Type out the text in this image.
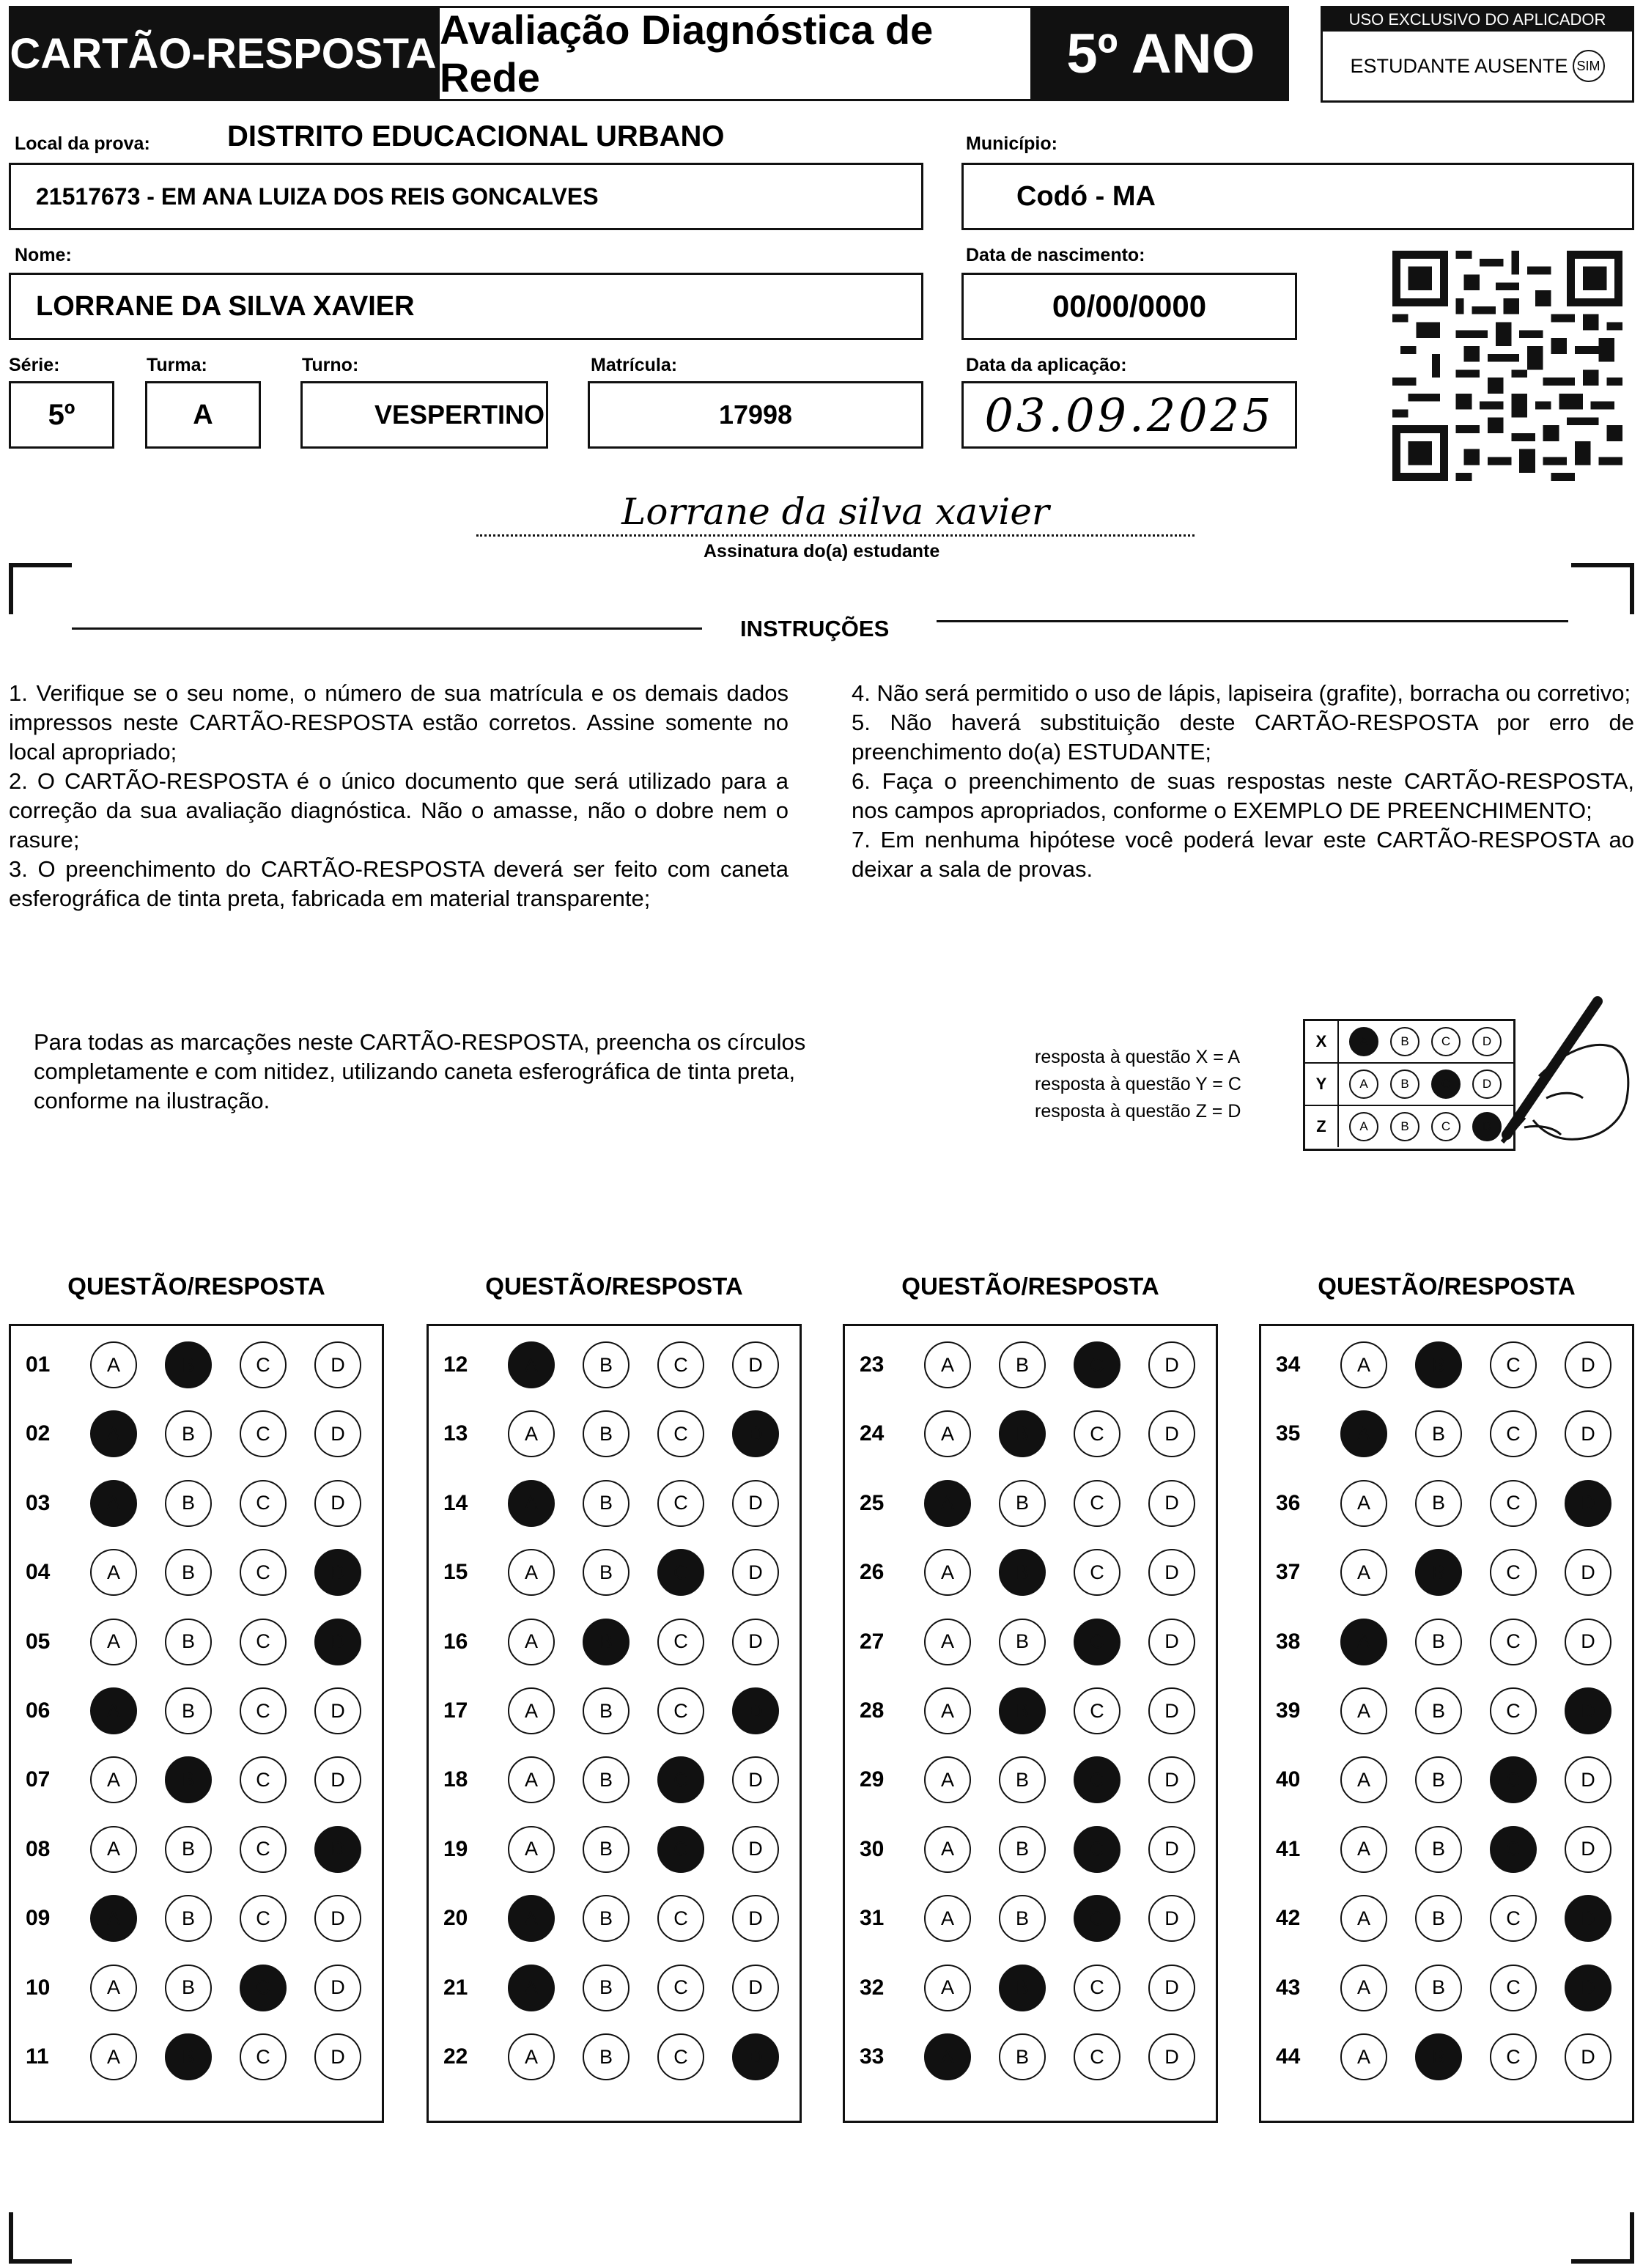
CARTÃO-RESPOSTA Avaliação Diagnóstica de Rede	5º ANO
USO EXCLUSIVO DO APLICADOR
ESTUDANTE AUSENTE SIM
Local da prova:	DISTRITO EDUCACIONAL URBANO
21517673 - EM ANA LUIZA DOS REIS GONCALVES
Município:
Codó - MA
Nome:
LORRANE DA SILVA XAVIER
Data de nascimento:
00/00/0000
Série:
5º
Turma:
A
Turno:
VESPERTINO
Matrícula:
17998
Data da aplicação:
03.09.2025
Lorrane da silva xavier
Assinatura do(a) estudante
INSTRUÇÕES
1. Verifique se o seu nome, o número de sua matrícula e os demais dados impressos neste CARTÃO-RESPOSTA estão corretos. Assine somente no local apropriado;
2. O CARTÃO-RESPOSTA é o único documento que será utilizado para a correção da sua avaliação diagnóstica. Não o amasse, não o dobre nem o rasure;
3. O preenchimento do CARTÃO-RESPOSTA deverá ser feito com caneta esferográfica de tinta preta, fabricada em material transparente;
4. Não será permitido o uso de lápis, lapiseira (grafite), borracha ou corretivo;
5. Não haverá substituição deste CARTÃO-RESPOSTA por erro de preenchimento do(a) ESTUDANTE;
6. Faça o preenchimento de suas respostas neste CARTÃO-RESPOSTA, nos campos apropriados, conforme o EXEMPLO DE PREENCHIMENTO;
7. Em nenhuma hipótese você poderá levar este CARTÃO-RESPOSTA ao deixar a sala de provas.
Para todas as marcações neste CARTÃO-RESPOSTA, preencha os círculos completamente e com nitidez, utilizando caneta esferográfica de tinta preta, conforme na ilustração.
resposta à questão X = A
resposta à questão Y = C
resposta à questão Z = D
X	A	B	C	D
Y	A	B	C	D
Z	A	B	C	D
QUESTÃO/RESPOSTA
01	A	B	C	D
02	A	B	C	D
03	A	B	C	D
04	A	B	C	D
05	A	B	C	D
06	A	B	C	D
07	A	B	C	D
08	A	B	C	D
09	A	B	C	D
10	A	B	C	D
11	A	B	C	D
QUESTÃO/RESPOSTA
12	A	B	C	D
13	A	B	C	D
14	A	B	C	D
15	A	B	C	D
16	A	B	C	D
17	A	B	C	D
18	A	B	C	D
19	A	B	C	D
20	A	B	C	D
21	A	B	C	D
22	A	B	C	D
QUESTÃO/RESPOSTA
23	A	B	C	D
24	A	B	C	D
25	A	B	C	D
26	A	B	C	D
27	A	B	C	D
28	A	B	C	D
29	A	B	C	D
30	A	B	C	D
31	A	B	C	D
32	A	B	C	D
33	A	B	C	D
QUESTÃO/RESPOSTA
34	A	B	C	D
35	A	B	C	D
36	A	B	C	D
37	A	B	C	D
38	A	B	C	D
39	A	B	C	D
40	A	B	C	D
41	A	B	C	D
42	A	B	C	D
43	A	B	C	D
44	A	B	C	D
